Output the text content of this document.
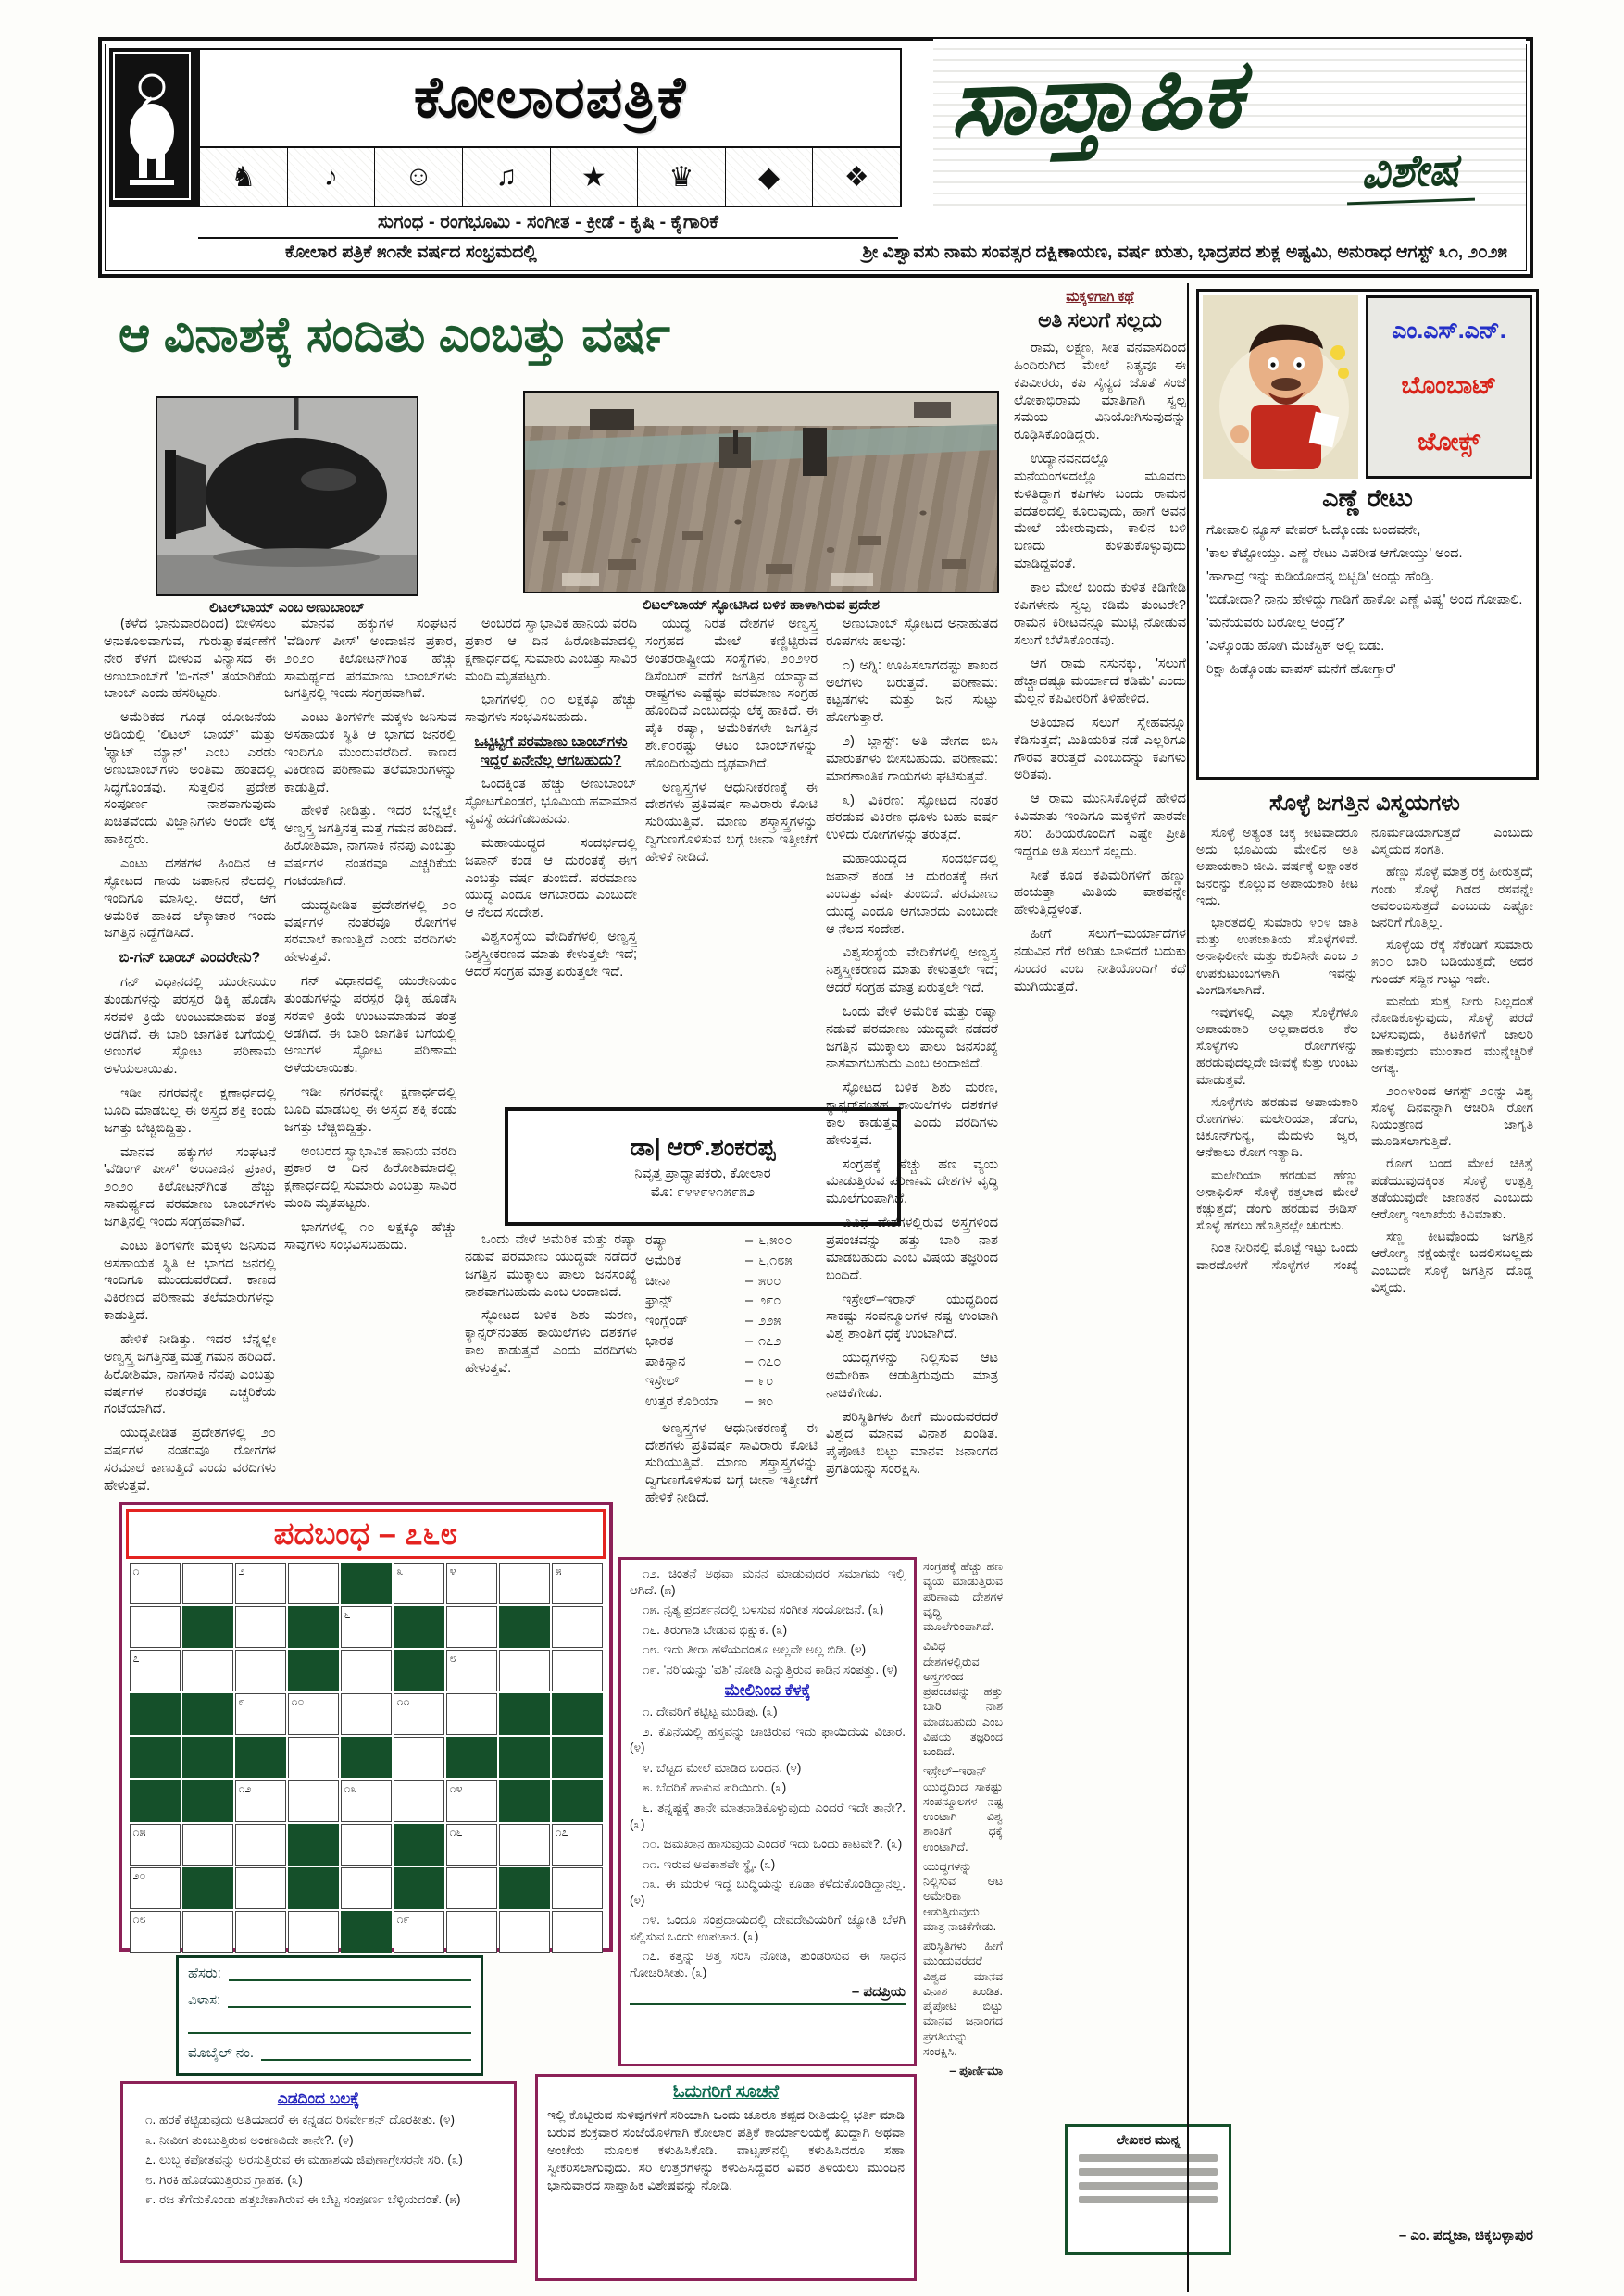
ಕೋಲಾರಪತ್ರಿಕೆ
♞	♪	☺	♫	★	♛	◆	❖
ಸಾಪ್ತಾಹಿಕ
ವಿಶೇಷ
ಸುಗಂಧ - ರಂಗಭೂಮಿ - ಸಂಗೀತ - ಕ್ರೀಡೆ - ಕೃಷಿ - ಕೈಗಾರಿಕೆ
ಕೋಲಾರ ಪತ್ರಿಕೆ ೫೧ನೇ ವರ್ಷದ ಸಂಭ್ರಮದಲ್ಲಿ	ಶ್ರೀ ವಿಶ್ವಾವಸು ನಾಮ ಸಂವತ್ಸರ ದಕ್ಷಿಣಾಯಣ, ವರ್ಷ ಋತು, ಭಾದ್ರಪದ ಶುಕ್ಲ ಅಷ್ಟಮಿ, ಅನುರಾಧ ಆಗಸ್ಟ್ ೩೧, ೨೦೨೫
ಆ ವಿನಾಶಕ್ಕೆ ಸಂದಿತು ಎಂಬತ್ತು ವರ್ಷ
ಲಿಟಲ್‌ಬಾಯ್ ಎಂಬ ಅಣುಬಾಂಬ್	ಲಿಟಲ್‌ಬಾಯ್ ಸ್ಫೋಟಿಸಿದ ಬಳಿಕ ಹಾಳಾಗಿರುವ ಪ್ರದೇಶ

(ಕಳೆದ ಭಾನುವಾರದಿಂದ) ಬೀಳಿಸಲು ಅನುಕೂಲವಾಗುವ, ಗುರುತ್ವಾಕರ್ಷಣೆಗೆ ನೇರ ಕೆಳಗೆ ಬೀಳುವ ವಿನ್ಯಾಸದ ಈ ಅಣುಬಾಂಬ್‌ಗೆ 'ಬಿ-ಗನ್' ತಯಾರಿಕೆಯ ಬಾಂಬ್ ಎಂದು ಹೆಸರಿಟ್ಟರು.

ಅಮೆರಿಕದ ಗೂಢ ಯೋಜನೆಯ ಅಡಿಯಲ್ಲಿ 'ಲಿಟಲ್ ಬಾಯ್' ಮತ್ತು 'ಫ್ಯಾಟ್ ಮ್ಯಾನ್' ಎಂಬ ಎರಡು ಅಣುಬಾಂಬ್‌ಗಳು ಅಂತಿಮ ಹಂತದಲ್ಲಿ ಸಿದ್ಧಗೊಂಡವು. ಸುತ್ತಲಿನ ಪ್ರದೇಶ ಸಂಪೂರ್ಣ ನಾಶವಾಗುವುದು ಖಚಿತವೆಂದು ವಿಜ್ಞಾನಿಗಳು ಅಂದೇ ಲೆಕ್ಕ ಹಾಕಿದ್ದರು.

ಎಂಟು ದಶಕಗಳ ಹಿಂದಿನ ಆ ಸ್ಫೋಟದ ಗಾಯ ಜಪಾನಿನ ನೆಲದಲ್ಲಿ ಇಂದಿಗೂ ಮಾಸಿಲ್ಲ. ಆದರೆ, ಆಗ ಅಮೆರಿಕ ಹಾಕಿದ ಲೆಕ್ಕಾಚಾರ ಇಂದು ಜಗತ್ತಿನ ನಿದ್ದೆಗೆಡಿಸಿದೆ.

ಬಿ-ಗನ್ ಬಾಂಬ್ ಎಂದರೇನು?

ಗನ್ ವಿಧಾನದಲ್ಲಿ ಯುರೇನಿಯಂ ತುಂಡುಗಳನ್ನು ಪರಸ್ಪರ ಢಿಕ್ಕಿ ಹೊಡೆಸಿ ಸರಪಳಿ ಕ್ರಿಯೆ ಉಂಟುಮಾಡುವ ತಂತ್ರ ಅಡಗಿದೆ. ಈ ಬಾರಿ ಜಾಗತಿಕ ಬಗೆಯಲ್ಲಿ ಅಣುಗಳ ಸ್ಫೋಟ ಪರಿಣಾಮ ಅಳೆಯಲಾಯಿತು.

ಇಡೀ ನಗರವನ್ನೇ ಕ್ಷಣಾರ್ಧದಲ್ಲಿ ಬೂದಿ ಮಾಡಬಲ್ಲ ಈ ಅಸ್ತ್ರದ ಶಕ್ತಿ ಕಂಡು ಜಗತ್ತು ಬೆಚ್ಚಿಬಿದ್ದಿತ್ತು.

ಮಾನವ ಹಕ್ಕುಗಳ ಸಂಘಟನೆ 'ವೆಡಿಂಗ್ ಪೀಸ್' ಅಂದಾಜಿನ ಪ್ರಕಾರ, ೨೦೨೦ ಕಿಲೋಟನ್‌ಗಿಂತ ಹೆಚ್ಚು ಸಾಮರ್ಥ್ಯದ ಪರಮಾಣು ಬಾಂಬ್‌ಗಳು ಜಗತ್ತಿನಲ್ಲಿ ಇಂದು ಸಂಗ್ರಹವಾಗಿವೆ.

ಎಂಟು ತಿಂಗಳಿಗೇ ಮಕ್ಕಳು ಜನಿಸುವ ಅಸಹಾಯಕ ಸ್ಥಿತಿ ಆ ಭಾಗದ ಜನರಲ್ಲಿ ಇಂದಿಗೂ ಮುಂದುವರೆದಿದೆ. ಕಾಣದ ವಿಕಿರಣದ ಪರಿಣಾಮ ತಲೆಮಾರುಗಳನ್ನು ಕಾಡುತ್ತಿದೆ.

ಹೇಳಿಕೆ ನೀಡಿತ್ತು. ಇದರ ಬೆನ್ನಲ್ಲೇ ಅಣ್ವಸ್ತ್ರ ಜಗತ್ತಿನತ್ತ ಮತ್ತೆ ಗಮನ ಹರಿದಿದೆ. ಹಿರೋಶಿಮಾ, ನಾಗಸಾಕಿ ನೆನಪು ಎಂಬತ್ತು ವರ್ಷಗಳ ನಂತರವೂ ಎಚ್ಚರಿಕೆಯ ಗಂಟೆಯಾಗಿದೆ.

ಯುದ್ಧಪೀಡಿತ ಪ್ರದೇಶಗಳಲ್ಲಿ ೨೦ ವರ್ಷಗಳ ನಂತರವೂ ರೋಗಗಳ ಸರಮಾಲೆ ಕಾಣುತ್ತಿದೆ ಎಂದು ವರದಿಗಳು ಹೇಳುತ್ತವೆ.

ಮಾನವ ಹಕ್ಕುಗಳ ಸಂಘಟನೆ 'ವೆಡಿಂಗ್ ಪೀಸ್' ಅಂದಾಜಿನ ಪ್ರಕಾರ, ೨೦೨೦ ಕಿಲೋಟನ್‌ಗಿಂತ ಹೆಚ್ಚು ಸಾಮರ್ಥ್ಯದ ಪರಮಾಣು ಬಾಂಬ್‌ಗಳು ಜಗತ್ತಿನಲ್ಲಿ ಇಂದು ಸಂಗ್ರಹವಾಗಿವೆ.

ಎಂಟು ತಿಂಗಳಿಗೇ ಮಕ್ಕಳು ಜನಿಸುವ ಅಸಹಾಯಕ ಸ್ಥಿತಿ ಆ ಭಾಗದ ಜನರಲ್ಲಿ ಇಂದಿಗೂ ಮುಂದುವರೆದಿದೆ. ಕಾಣದ ವಿಕಿರಣದ ಪರಿಣಾಮ ತಲೆಮಾರುಗಳನ್ನು ಕಾಡುತ್ತಿದೆ.

ಹೇಳಿಕೆ ನೀಡಿತ್ತು. ಇದರ ಬೆನ್ನಲ್ಲೇ ಅಣ್ವಸ್ತ್ರ ಜಗತ್ತಿನತ್ತ ಮತ್ತೆ ಗಮನ ಹರಿದಿದೆ. ಹಿರೋಶಿಮಾ, ನಾಗಸಾಕಿ ನೆನಪು ಎಂಬತ್ತು ವರ್ಷಗಳ ನಂತರವೂ ಎಚ್ಚರಿಕೆಯ ಗಂಟೆಯಾಗಿದೆ.

ಯುದ್ಧಪೀಡಿತ ಪ್ರದೇಶಗಳಲ್ಲಿ ೨೦ ವರ್ಷಗಳ ನಂತರವೂ ರೋಗಗಳ ಸರಮಾಲೆ ಕಾಣುತ್ತಿದೆ ಎಂದು ವರದಿಗಳು ಹೇಳುತ್ತವೆ.

ಗನ್ ವಿಧಾನದಲ್ಲಿ ಯುರೇನಿಯಂ ತುಂಡುಗಳನ್ನು ಪರಸ್ಪರ ಢಿಕ್ಕಿ ಹೊಡೆಸಿ ಸರಪಳಿ ಕ್ರಿಯೆ ಉಂಟುಮಾಡುವ ತಂತ್ರ ಅಡಗಿದೆ. ಈ ಬಾರಿ ಜಾಗತಿಕ ಬಗೆಯಲ್ಲಿ ಅಣುಗಳ ಸ್ಫೋಟ ಪರಿಣಾಮ ಅಳೆಯಲಾಯಿತು.

ಇಡೀ ನಗರವನ್ನೇ ಕ್ಷಣಾರ್ಧದಲ್ಲಿ ಬೂದಿ ಮಾಡಬಲ್ಲ ಈ ಅಸ್ತ್ರದ ಶಕ್ತಿ ಕಂಡು ಜಗತ್ತು ಬೆಚ್ಚಿಬಿದ್ದಿತ್ತು.

ಅಂಬರದ ಸ್ವಾಭಾವಿಕ ಹಾನಿಯ ವರದಿ ಪ್ರಕಾರ ಆ ದಿನ ಹಿರೋಶಿಮಾದಲ್ಲಿ ಕ್ಷಣಾರ್ಧದಲ್ಲಿ ಸುಮಾರು ಎಂಬತ್ತು ಸಾವಿರ ಮಂದಿ ಮೃತಪಟ್ಟರು.

ಭಾಗಗಳಲ್ಲಿ ೧೦ ಲಕ್ಷಕ್ಕೂ ಹೆಚ್ಚು ಸಾವುಗಳು ಸಂಭವಿಸಬಹುದು.

ಅಂಬರದ ಸ್ವಾಭಾವಿಕ ಹಾನಿಯ ವರದಿ ಪ್ರಕಾರ ಆ ದಿನ ಹಿರೋಶಿಮಾದಲ್ಲಿ ಕ್ಷಣಾರ್ಧದಲ್ಲಿ ಸುಮಾರು ಎಂಬತ್ತು ಸಾವಿರ ಮಂದಿ ಮೃತಪಟ್ಟರು.

ಭಾಗಗಳಲ್ಲಿ ೧೦ ಲಕ್ಷಕ್ಕೂ ಹೆಚ್ಚು ಸಾವುಗಳು ಸಂಭವಿಸಬಹುದು.

ಒಟ್ಟಿಟ್ಟಿಗೆ ಪರಮಾಣು ಬಾಂಬ್‌ಗಳು ಇದ್ದರೆ ಏನೇನೆಲ್ಲ ಆಗಬಹುದು?

ಒಂದಕ್ಕಿಂತ ಹೆಚ್ಚು ಅಣುಬಾಂಬ್ ಸ್ಫೋಟಗೊಂಡರೆ, ಭೂಮಿಯ ಹವಾಮಾನ ವ್ಯವಸ್ಥೆ ಹದಗೆಡಬಹುದು.

ಮಹಾಯುದ್ಧದ ಸಂದರ್ಭದಲ್ಲಿ ಜಪಾನ್ ಕಂಡ ಆ ದುರಂತಕ್ಕೆ ಈಗ ಎಂಬತ್ತು ವರ್ಷ ತುಂಬಿದೆ. ಪರಮಾಣು ಯುದ್ಧ ಎಂದೂ ಆಗಬಾರದು ಎಂಬುದೇ ಆ ನೆಲದ ಸಂದೇಶ.

ವಿಶ್ವಸಂಸ್ಥೆಯ ವೇದಿಕೆಗಳಲ್ಲಿ ಅಣ್ವಸ್ತ್ರ ನಿಶ್ಶಸ್ತ್ರೀಕರಣದ ಮಾತು ಕೇಳುತ್ತಲೇ ಇದೆ; ಆದರೆ ಸಂಗ್ರಹ ಮಾತ್ರ ಏರುತ್ತಲೇ ಇದೆ.

ಡಾ| ಆರ್.ಶಂಕರಪ್ಪ
ನಿವೃತ್ತ ಪ್ರಾಧ್ಯಾಪಕರು, ಕೋಲಾರ
ಮೊ: ೯೪೪೯೪೧೫೯೫೨

ಒಂದು ವೇಳೆ ಅಮೆರಿಕ ಮತ್ತು ರಷ್ಯಾ ನಡುವೆ ಪರಮಾಣು ಯುದ್ಧವೇ ನಡೆದರೆ ಜಗತ್ತಿನ ಮುಕ್ಕಾಲು ಪಾಲು ಜನಸಂಖ್ಯೆ ನಾಶವಾಗಬಹುದು ಎಂಬ ಅಂದಾಜಿದೆ.

ಸ್ಫೋಟದ ಬಳಿಕ ಶಿಶು ಮರಣ, ಕ್ಯಾನ್ಸರ್‌ನಂತಹ ಕಾಯಿಲೆಗಳು ದಶಕಗಳ ಕಾಲ ಕಾಡುತ್ತವೆ ಎಂದು ವರದಿಗಳು ಹೇಳುತ್ತವೆ.

ಯುದ್ಧ ನಿರತ ದೇಶಗಳ ಅಣ್ವಸ್ತ್ರ ಸಂಗ್ರಹದ ಮೇಲೆ ಕಣ್ಣಿಟ್ಟಿರುವ ಅಂತರರಾಷ್ಟ್ರೀಯ ಸಂಸ್ಥೆಗಳು, ೨೦೨೪ರ ಡಿಸೆಂಬರ್ ವರೆಗೆ ಜಗತ್ತಿನ ಯಾವ್ಯಾವ ರಾಷ್ಟ್ರಗಳು ಎಷ್ಟೆಷ್ಟು ಪರಮಾಣು ಸಂಗ್ರಹ ಹೊಂದಿವೆ ಎಂಬುದನ್ನು ಲೆಕ್ಕ ಹಾಕಿದೆ. ಈ ಪೈಕಿ ರಷ್ಯಾ, ಅಮೆರಿಕಗಳೇ ಜಗತ್ತಿನ ಶೇ.೯೦ರಷ್ಟು ಆಟಂ ಬಾಂಬ್‌ಗಳನ್ನು ಹೊಂದಿರುವುದು ದೃಢವಾಗಿದೆ.

ಅಣ್ವಸ್ತ್ರಗಳ ಆಧುನೀಕರಣಕ್ಕೆ ಈ ದೇಶಗಳು ಪ್ರತಿವರ್ಷ ಸಾವಿರಾರು ಕೋಟಿ ಸುರಿಯುತ್ತಿವೆ. ಮಾಣು ಶಸ್ತ್ರಾಸ್ತ್ರಗಳನ್ನು ದ್ವಿಗುಣಗೊಳಿಸುವ ಬಗ್ಗೆ ಚೀನಾ ಇತ್ತೀಚೆಗೆ ಹೇಳಿಕೆ ನೀಡಿದೆ.

ರಷ್ಯಾ	– ೬,೫೦೦
ಅಮೆರಿಕ	– ೬,೧೮೫
ಚೀನಾ	– ೫೦೦
ಫ್ರಾನ್ಸ್	– ೨೯೦
ಇಂಗ್ಲೆಂಡ್	– ೨೨೫
ಭಾರತ	– ೧೭೨
ಪಾಕಿಸ್ತಾನ	– ೧೭೦
ಇಸ್ರೇಲ್	– ೯೦
ಉತ್ತರ ಕೊರಿಯಾ	– ೫೦

ಅಣ್ವಸ್ತ್ರಗಳ ಆಧುನೀಕರಣಕ್ಕೆ ಈ ದೇಶಗಳು ಪ್ರತಿವರ್ಷ ಸಾವಿರಾರು ಕೋಟಿ ಸುರಿಯುತ್ತಿವೆ. ಮಾಣು ಶಸ್ತ್ರಾಸ್ತ್ರಗಳನ್ನು ದ್ವಿಗುಣಗೊಳಿಸುವ ಬಗ್ಗೆ ಚೀನಾ ಇತ್ತೀಚೆಗೆ ಹೇಳಿಕೆ ನೀಡಿದೆ.

ಅಣುಬಾಂಬ್ ಸ್ಫೋಟದ ಅನಾಹುತದ ರೂಪಗಳು ಹಲವು:

೧) ಅಗ್ನಿ: ಊಹಿಸಲಾಗದಷ್ಟು ಶಾಖದ ಅಲೆಗಳು ಬರುತ್ತವೆ. ಪರಿಣಾಮ: ಕಟ್ಟಡಗಳು ಮತ್ತು ಜನ ಸುಟ್ಟು ಹೋಗುತ್ತಾರೆ.

೨) ಬ್ಲಾಸ್ಟ್: ಅತಿ ವೇಗದ ಬಿಸಿ ಮಾರುತಗಳು ಬೀಸಬಹುದು. ಪರಿಣಾಮ: ಮಾರಣಾಂತಿಕ ಗಾಯಗಳು ಘಟಿಸುತ್ತವೆ.

೩) ವಿಕಿರಣ: ಸ್ಫೋಟದ ನಂತರ ಹರಡುವ ವಿಕಿರಣ ಧೂಳು ಬಹು ವರ್ಷ ಉಳಿದು ರೋಗಗಳನ್ನು ತರುತ್ತದೆ.

ಮಹಾಯುದ್ಧದ ಸಂದರ್ಭದಲ್ಲಿ ಜಪಾನ್ ಕಂಡ ಆ ದುರಂತಕ್ಕೆ ಈಗ ಎಂಬತ್ತು ವರ್ಷ ತುಂಬಿದೆ. ಪರಮಾಣು ಯುದ್ಧ ಎಂದೂ ಆಗಬಾರದು ಎಂಬುದೇ ಆ ನೆಲದ ಸಂದೇಶ.

ವಿಶ್ವಸಂಸ್ಥೆಯ ವೇದಿಕೆಗಳಲ್ಲಿ ಅಣ್ವಸ್ತ್ರ ನಿಶ್ಶಸ್ತ್ರೀಕರಣದ ಮಾತು ಕೇಳುತ್ತಲೇ ಇದೆ; ಆದರೆ ಸಂಗ್ರಹ ಮಾತ್ರ ಏರುತ್ತಲೇ ಇದೆ.

ಒಂದು ವೇಳೆ ಅಮೆರಿಕ ಮತ್ತು ರಷ್ಯಾ ನಡುವೆ ಪರಮಾಣು ಯುದ್ಧವೇ ನಡೆದರೆ ಜಗತ್ತಿನ ಮುಕ್ಕಾಲು ಪಾಲು ಜನಸಂಖ್ಯೆ ನಾಶವಾಗಬಹುದು ಎಂಬ ಅಂದಾಜಿದೆ.

ಸ್ಫೋಟದ ಬಳಿಕ ಶಿಶು ಮರಣ, ಕ್ಯಾನ್ಸರ್‌ನಂತಹ ಕಾಯಿಲೆಗಳು ದಶಕಗಳ ಕಾಲ ಕಾಡುತ್ತವೆ ಎಂದು ವರದಿಗಳು ಹೇಳುತ್ತವೆ.

ಸಂಗ್ರಹಕ್ಕೆ ಹೆಚ್ಚು ಹಣ ವ್ಯಯ ಮಾಡುತ್ತಿರುವ ಪರಿಣಾಮ ದೇಶಗಳ ವೃದ್ಧಿ ಮೂಲೆಗುಂಪಾಗಿದೆ.

ವಿವಿಧ ದೇಶಗಳಲ್ಲಿರುವ ಅಸ್ತ್ರಗಳಿಂದ ಪ್ರಪಂಚವನ್ನು ಹತ್ತು ಬಾರಿ ನಾಶ ಮಾಡಬಹುದು ಎಂಬ ವಿಷಯ ತಜ್ಞರಿಂದ ಬಂದಿದೆ.

ಇಸ್ರೇಲ್–ಇರಾನ್ ಯುದ್ಧದಿಂದ ಸಾಕಷ್ಟು ಸಂಪನ್ಮೂಲಗಳ ನಷ್ಟ ಉಂಟಾಗಿ ವಿಶ್ವ ಶಾಂತಿಗೆ ಧಕ್ಕೆ ಉಂಟಾಗಿದೆ.

ಯುದ್ಧಗಳನ್ನು ನಿಲ್ಲಿಸುವ ಆಟ ಅಮೇರಿಕಾ ಆಡುತ್ತಿರುವುದು ಮಾತ್ರ ನಾಚಿಕೆಗೇಡು.

ಪರಿಸ್ಥಿತಿಗಳು ಹೀಗೆ ಮುಂದುವರೆದರೆ ವಿಶ್ವದ ಮಾನವ ವಿನಾಶ ಖಂಡಿತ. ಪೈಪೋಟಿ ಬಿಟ್ಟು ಮಾನವ ಜನಾಂಗದ ಪ್ರಗತಿಯನ್ನು ಸಂರಕ್ಷಿಸಿ.

ಸಂಗ್ರಹಕ್ಕೆ ಹೆಚ್ಚು ಹಣ ವ್ಯಯ ಮಾಡುತ್ತಿರುವ ಪರಿಣಾಮ ದೇಶಗಳ ವೃದ್ಧಿ ಮೂಲೆಗುಂಪಾಗಿದೆ.

ವಿವಿಧ ದೇಶಗಳಲ್ಲಿರುವ ಅಸ್ತ್ರಗಳಿಂದ ಪ್ರಪಂಚವನ್ನು ಹತ್ತು ಬಾರಿ ನಾಶ ಮಾಡಬಹುದು ಎಂಬ ವಿಷಯ ತಜ್ಞರಿಂದ ಬಂದಿದೆ.

ಇಸ್ರೇಲ್–ಇರಾನ್ ಯುದ್ಧದಿಂದ ಸಾಕಷ್ಟು ಸಂಪನ್ಮೂಲಗಳ ನಷ್ಟ ಉಂಟಾಗಿ ವಿಶ್ವ ಶಾಂತಿಗೆ ಧಕ್ಕೆ ಉಂಟಾಗಿದೆ.

ಯುದ್ಧಗಳನ್ನು ನಿಲ್ಲಿಸುವ ಆಟ ಅಮೇರಿಕಾ ಆಡುತ್ತಿರುವುದು ಮಾತ್ರ ನಾಚಿಕೆಗೇಡು.

ಪರಿಸ್ಥಿತಿಗಳು ಹೀಗೆ ಮುಂದುವರೆದರೆ ವಿಶ್ವದ ಮಾನವ ವಿನಾಶ ಖಂಡಿತ. ಪೈಪೋಟಿ ಬಿಟ್ಟು ಮಾನವ ಜನಾಂಗದ ಪ್ರಗತಿಯನ್ನು ಸಂರಕ್ಷಿಸಿ.

– ಪೂರ್ಣಿಮಾ
ಮಕ್ಕಳಿಗಾಗಿ ಕಥೆ
ಅತಿ ಸಲುಗೆ ಸಲ್ಲದು

ರಾಮ, ಲಕ್ಷ್ಮಣ, ಸೀತ ವನವಾಸದಿಂದ ಹಿಂದಿರುಗಿದ ಮೇಲೆ ನಿತ್ಯವೂ ಈ ಕಪಿವೀರರು, ಕಪಿ ಸೈನ್ಯದ ಜೊತೆ ಸಂಜೆ ಲೋಕಾಭಿರಾಮ ಮಾತಿಗಾಗಿ ಸ್ವಲ್ಪ ಸಮಯ ವಿನಿಯೋಗಿಸುವುದನ್ನು ರೂಢಿಸಿಕೊಂಡಿದ್ದರು.

ಉದ್ಯಾನವನದಲ್ಲೊ ಮನೆಯಂಗಳದಲ್ಲೊ ಮೂವರು ಕುಳಿತಿದ್ದಾಗ ಕಪಿಗಳು ಬಂದು ರಾಮನ ಪದತಲದಲ್ಲಿ ಕೂರುವುದು, ಹಾಗೆ ಅವನ ಮೇಲೆ ಯೇರುವುದು, ಕಾಲಿನ ಬಳಿ ಬಣದು ಕುಳಿತುಕೊಳ್ಳುವುದು ಮಾಡಿದ್ದವಂತೆ.

ಕಾಲ ಮೇಲೆ ಬಂದು ಕುಳಿತ ಕಿಡಿಗೇಡಿ ಕಪಿಗಳೇನು ಸ್ವಲ್ಪ ಕಡಿಮೆ ತುಂಟರೇ? ರಾಮನ ಕಿರೀಟವನ್ನೂ ಮುಟ್ಟಿ ನೋಡುವ ಸಲುಗೆ ಬೆಳೆಸಿಕೊಂಡವು.

ಆಗ ರಾಮ ನಸುನಕ್ಕು, 'ಸಲುಗೆ ಹೆಚ್ಚಾದಷ್ಟೂ ಮರ್ಯಾದೆ ಕಡಿಮೆ' ಎಂದು ಮೆಲ್ಲನೆ ಕಪಿವೀರರಿಗೆ ತಿಳಿಹೇಳಿದ.

ಅತಿಯಾದ ಸಲುಗೆ ಸ್ನೇಹವನ್ನೂ ಕೆಡಿಸುತ್ತದೆ; ಮಿತಿಯರಿತ ನಡೆ ಎಲ್ಲರಿಗೂ ಗೌರವ ತರುತ್ತದೆ ಎಂಬುದನ್ನು ಕಪಿಗಳು ಅರಿತವು.

ಆ ರಾಮ ಮುನಿಸಿಕೊಳ್ಳದೆ ಹೇಳಿದ ಕಿವಿಮಾತು ಇಂದಿಗೂ ಮಕ್ಕಳಿಗೆ ಪಾಠವೇ ಸರಿ: ಹಿರಿಯರೊಂದಿಗೆ ಎಷ್ಟೇ ಪ್ರೀತಿ ಇದ್ದರೂ ಅತಿ ಸಲುಗೆ ಸಲ್ಲದು.

ಸೀತೆ ಕೂಡ ಕಪಿಮರಿಗಳಿಗೆ ಹಣ್ಣು ಹಂಚುತ್ತಾ ಮಿತಿಯ ಪಾಠವನ್ನೇ ಹೇಳುತ್ತಿದ್ದಳಂತೆ.

ಹೀಗೆ ಸಲುಗೆ–ಮರ್ಯಾದೆಗಳ ನಡುವಿನ ಗೆರೆ ಅರಿತು ಬಾಳಿದರೆ ಬದುಕು ಸುಂದರ ಎಂಬ ನೀತಿಯೊಂದಿಗೆ ಕಥೆ ಮುಗಿಯುತ್ತದೆ.

ಲೇಖಕರ ಮುನ್ನ
ಎಂ.ಎಸ್.ಎನ್.
ಬೊಂಬಾಟ್
ಜೋಕ್ಸ್
ಎಣ್ಣೆ ರೇಟು

ಗೋಪಾಲಿ ನ್ಯೂಸ್ ಪೇಪರ್ ಓದ್ಕೊಂಡು ಬಂದವನೇ,

'ಕಾಲ ಕೆಟ್ಟೋಯ್ತು. ಎಣ್ಣೆ ರೇಟು ವಿಪರೀತ ಆಗೋಯ್ತು' ಅಂದ.

'ಹಾಗಾದ್ರೆ ಇನ್ನು ಕುಡಿಯೋದನ್ನ ಬಿಟ್ಬಿಡಿ' ಅಂದ್ಲು ಹೆಂಡ್ತಿ.

'ಬಿಡೋದಾ? ನಾನು ಹೇಳಿದ್ದು ಗಾಡಿಗೆ ಹಾಕೋ ಎಣ್ಣೆ ವಿಷ್ಯ' ಅಂದ ಗೋಪಾಲಿ.

'ಮನೆಯವರು ಬರೋಲ್ಲ ಅಂದ್ರೆ?'

'ಎಳ್ಕೊಂಡು ಹೋಗಿ ಮೆಜೆಸ್ಟಿಕ್ ಅಲ್ಲಿ ಬಿಡು.

ರಿಕ್ಷಾ ಹಿಡ್ಕೊಂಡು ವಾಪಸ್ ಮನೆಗೆ ಹೋಗ್ತಾರೆ'

ಸೊಳ್ಳೆ ಜಗತ್ತಿನ ವಿಸ್ಮಯಗಳು

ಸೊಳ್ಳೆ ಅತ್ಯಂತ ಚಿಕ್ಕ ಕೀಟವಾದರೂ ಅದು ಭೂಮಿಯ ಮೇಲಿನ ಅತಿ ಅಪಾಯಕಾರಿ ಜೀವಿ. ವರ್ಷಕ್ಕೆ ಲಕ್ಷಾಂತರ ಜನರನ್ನು ಕೊಲ್ಲುವ ಅಪಾಯಕಾರಿ ಕೀಟ ಇದು.

ಭಾರತದಲ್ಲಿ ಸುಮಾರು ೪೦೪ ಜಾತಿ ಮತ್ತು ಉಪಜಾತಿಯ ಸೊಳ್ಳೆಗಳಿವೆ. ಅನಾಫಿಲೀನೇ ಮತ್ತು ಕುಲಿಸಿನೇ ಎಂಬ ೨ ಉಪಕುಟುಂಬಗಳಾಗಿ ಇವನ್ನು ವಿಂಗಡಿಸಲಾಗಿದೆ.

ಇವುಗಳಲ್ಲಿ ಎಲ್ಲಾ ಸೊಳ್ಳೆಗಳೂ ಅಪಾಯಕಾರಿ ಅಲ್ಲವಾದರೂ ಕೆಲ ಸೊಳ್ಳೆಗಳು ರೋಗಗಳನ್ನು ಹರಡುವುದಲ್ಲದೇ ಜೀವಕ್ಕೆ ಕುತ್ತು ಉಂಟು ಮಾಡುತ್ತವೆ.

ಸೊಳ್ಳೆಗಳು ಹರಡುವ ಅಪಾಯಕಾರಿ ರೋಗಗಳು: ಮಲೇರಿಯಾ, ಡೆಂಗು, ಚಿಕೂನ್‌ಗುನ್ಯ, ಮೆದುಳು ಜ್ವರ, ಆನೆಕಾಲು ರೋಗ ಇತ್ಯಾದಿ.

ಮಲೇರಿಯಾ ಹರಡುವ ಹೆಣ್ಣು ಅನಾಫಿಲಿಸ್ ಸೊಳ್ಳೆ ಕತ್ತಲಾದ ಮೇಲೆ ಕಚ್ಚುತ್ತದೆ; ಡೆಂಗು ಹರಡುವ ಈಡಿಸ್ ಸೊಳ್ಳೆ ಹಗಲು ಹೊತ್ತಿನಲ್ಲೇ ಚುರುಕು.

ನಿಂತ ನೀರಿನಲ್ಲಿ ಮೊಟ್ಟೆ ಇಟ್ಟು ಒಂದು ವಾರದೊಳಗೆ ಸೊಳ್ಳೆಗಳ ಸಂಖ್ಯೆ ನೂರ್ಮಡಿಯಾಗುತ್ತದೆ ಎಂಬುದು ವಿಸ್ಮಯದ ಸಂಗತಿ.

ಹೆಣ್ಣು ಸೊಳ್ಳೆ ಮಾತ್ರ ರಕ್ತ ಹೀರುತ್ತದೆ; ಗಂಡು ಸೊಳ್ಳೆ ಗಿಡದ ರಸವನ್ನೇ ಅವಲಂಬಿಸುತ್ತದೆ ಎಂಬುದು ಎಷ್ಟೋ ಜನರಿಗೆ ಗೊತ್ತಿಲ್ಲ.

ಸೊಳ್ಳೆಯ ರೆಕ್ಕೆ ಸೆಕೆಂಡಿಗೆ ಸುಮಾರು ೫೦೦ ಬಾರಿ ಬಡಿಯುತ್ತದೆ; ಅದರ ಗುಂಯ್ ಸದ್ದಿನ ಗುಟ್ಟು ಇದೇ.

ಮನೆಯ ಸುತ್ತ ನೀರು ನಿಲ್ಲದಂತೆ ನೋಡಿಕೊಳ್ಳುವುದು, ಸೊಳ್ಳೆ ಪರದೆ ಬಳಸುವುದು, ಕಿಟಕಿಗಳಿಗೆ ಜಾಲರಿ ಹಾಕುವುದು ಮುಂತಾದ ಮುನ್ನೆಚ್ಚರಿಕೆ ಅಗತ್ಯ.

೨೦೧೪ರಿಂದ ಆಗಸ್ಟ್ ೨೦ನ್ನು ವಿಶ್ವ ಸೊಳ್ಳೆ ದಿನವನ್ನಾಗಿ ಆಚರಿಸಿ ರೋಗ ನಿಯಂತ್ರಣದ ಜಾಗೃತಿ ಮೂಡಿಸಲಾಗುತ್ತಿದೆ.

ರೋಗ ಬಂದ ಮೇಲೆ ಚಿಕಿತ್ಸೆ ಪಡೆಯುವುದಕ್ಕಿಂತ ಸೊಳ್ಳೆ ಉತ್ಪತ್ತಿ ತಡೆಯುವುದೇ ಜಾಣತನ ಎಂಬುದು ಆರೋಗ್ಯ ಇಲಾಖೆಯ ಕಿವಿಮಾತು.

ಸಣ್ಣ ಕೀಟವೊಂದು ಜಗತ್ತಿನ ಆರೋಗ್ಯ ನಕ್ಷೆಯನ್ನೇ ಬದಲಿಸಬಲ್ಲದು ಎಂಬುದೇ ಸೊಳ್ಳೆ ಜಗತ್ತಿನ ದೊಡ್ಡ ವಿಸ್ಮಯ.

– ಎಂ. ಪದ್ಮಜಾ, ಚಿಕ್ಕಬಳ್ಳಾಪುರ
ಪದಬಂಧ – ೭೬೮
೧	೨	೩	೪	೫
೬
೭	೮
೯	೧೦	೧೧
೧೨	೧೩	೧೪
೧೫	೧೬	೧೭
೨೦
೧೮	೧೯
ಹೆಸರು:
ವಿಳಾಸ:
ಮೊಬೈಲ್ ನಂ.
ಎಡದಿಂದ ಬಲಕ್ಕೆ

೧. ಹರಕೆ ಕಟ್ಟಿಡುವುದು ಅತಿಯಾದರೆ ಈ ಕನ್ನಡದ ರಿಸರ್ವೇಶನ್ ದೊರಕೀತು. (೪)

೩. ನೀವೀಗ ತುಂಬುತ್ತಿರುವ ಅಂಕಣವಿದೇ ತಾನೇ?. (೪)

೭. ಲುಬ್ದ ಕಪೋತವನ್ನು ಅರಸುತ್ತಿರುವ ಈ ಮಹಾಶಯ ಜಿಪುಣಾಗ್ರೇಸರನೇ ಸರಿ. (೩)

೮. ಗಿರಕಿ ಹೊಡೆಯುತ್ತಿರುವ ಗ್ರಾಹಕ. (೩)

೯. ರಜ ತೆಗೆದುಕೊಂಡು ಹತ್ತಬೇಕಾಗಿರುವ ಈ ಬೆಟ್ಟ ಸಂಪೂರ್ಣ ಬೆಳ್ಳಿಯದಂತೆ. (೫)

೧೨. ಚಿಂತನೆ ಅಥವಾ ಮನನ ಮಾಡುವುದರ ಸಮಾಗಮ ಇಲ್ಲಿ ಆಗಿದೆ. (೫)

೧೫. ನೃತ್ಯ ಪ್ರದರ್ಶನದಲ್ಲಿ ಬಳಸುವ ಸಂಗೀತ ಸಂಯೋಜನೆ. (೩)

೧೬. ತಿರುಗಾಡಿ ಬೇಡುವ ಭಿಕ್ಷುಕ. (೩)

೧೮. ಇದು ತೀರಾ ಹಳೆಯದಂತೂ ಅಲ್ಲವೇ ಅಲ್ಲ ಬಿಡಿ. (೪)

೧೯. 'ನರಿ'ಯನ್ನು 'ವಶಿ' ನೋಡಿ ಎನ್ನುತ್ತಿರುವ ಕಾಡಿನ ಸಂಪತ್ತು. (೪)

ಮೇಲಿನಿಂದ ಕೆಳಕ್ಕೆ

೧. ದೇವರಿಗೆ ಕಟ್ಟಿಟ್ಟ ಮುಡಿಪು. (೩)

೨. ಕೊನೆಯಲ್ಲಿ ಹಸ್ತವನ್ನು ಚಾಚಿರುವ ಇದು ಫಾಯಿದೆಯ ವಿಚಾರ. (೪)

೪. ಬೆಟ್ಟದ ಮೇಲೆ ಮಾಡಿದ ಬಂಧನ. (೪)

೫. ಬೆದರಿಕೆ ಹಾಕುವ ಪರಿಯಿದು. (೩)

೬. ತನ್ನಷ್ಟಕ್ಕೆ ತಾನೇ ಮಾತನಾಡಿಕೊಳ್ಳುವುದು ಎಂದರೆ ಇದೇ ತಾನೇ?. (೩)

೧೦. ಜಮಖಾನ ಹಾಸುವುದು ಎಂದರೆ ಇದು ಒಂದು ಕಾಟವೇ?. (೩)

೧೧. ಇರುವ ಅವಕಾಶವೇ ಸ್ಥೈ. (೩)

೧೩. ಈ ಮರುಳ ಇದ್ದ ಬುದ್ಧಿಯನ್ನು ಕೂಡಾ ಕಳೆದುಕೊಂಡಿದ್ದಾನಲ್ಲ. (೪)

೧೪. ಒಂದೂ ಸಂಪ್ರದಾಯದಲ್ಲಿ ದೇವದೇವಿಯರಿಗೆ ಜ್ಯೋತಿ ಬೆಳಗಿ ಸಲ್ಲಿಸುವ ಒಂದು ಉಪಚಾರ. (೩)

೧೭. ಕತ್ತನ್ನು ಅತ್ತ ಸರಿಸಿ ನೋಡಿ, ತುಂಡರಿಸುವ ಈ ಸಾಧನ ಗೋಚರಿಸೀತು. (೩)

– ಪದಪ್ರಿಯ
ಓದುಗರಿಗೆ ಸೂಚನೆ
ಇಲ್ಲಿ ಕೊಟ್ಟಿರುವ ಸುಳಿವುಗಳಿಗೆ ಸರಿಯಾಗಿ ಒಂದು ಚೂರೂ ತಪ್ಪದ ರೀತಿಯಲ್ಲಿ ಭರ್ತಿ ಮಾಡಿ ಬರುವ ಶುಕ್ರವಾರ ಸಂಜೆಯೊಳಗಾಗಿ ಕೋಲಾರ ಪತ್ರಿಕೆ ಕಾರ್ಯಾಲಯಕ್ಕೆ ಖುದ್ದಾಗಿ ಅಥವಾ ಅಂಚೆಯ ಮೂಲಕ ಕಳುಹಿಸಿಕೊಡಿ. ವಾಟ್ಸಪ್‌ನಲ್ಲಿ ಕಳುಹಿಸಿದರೂ ಸಹಾ ಸ್ವೀಕರಿಸಲಾಗುವುದು. ಸರಿ ಉತ್ತರಗಳನ್ನು ಕಳುಹಿಸಿದ್ದವರ ವಿವರ ತಿಳಿಯಲು ಮುಂದಿನ ಭಾನುವಾರದ ಸಾಪ್ತಾಹಿಕ ವಿಶೇಷವನ್ನು ನೋಡಿ.
